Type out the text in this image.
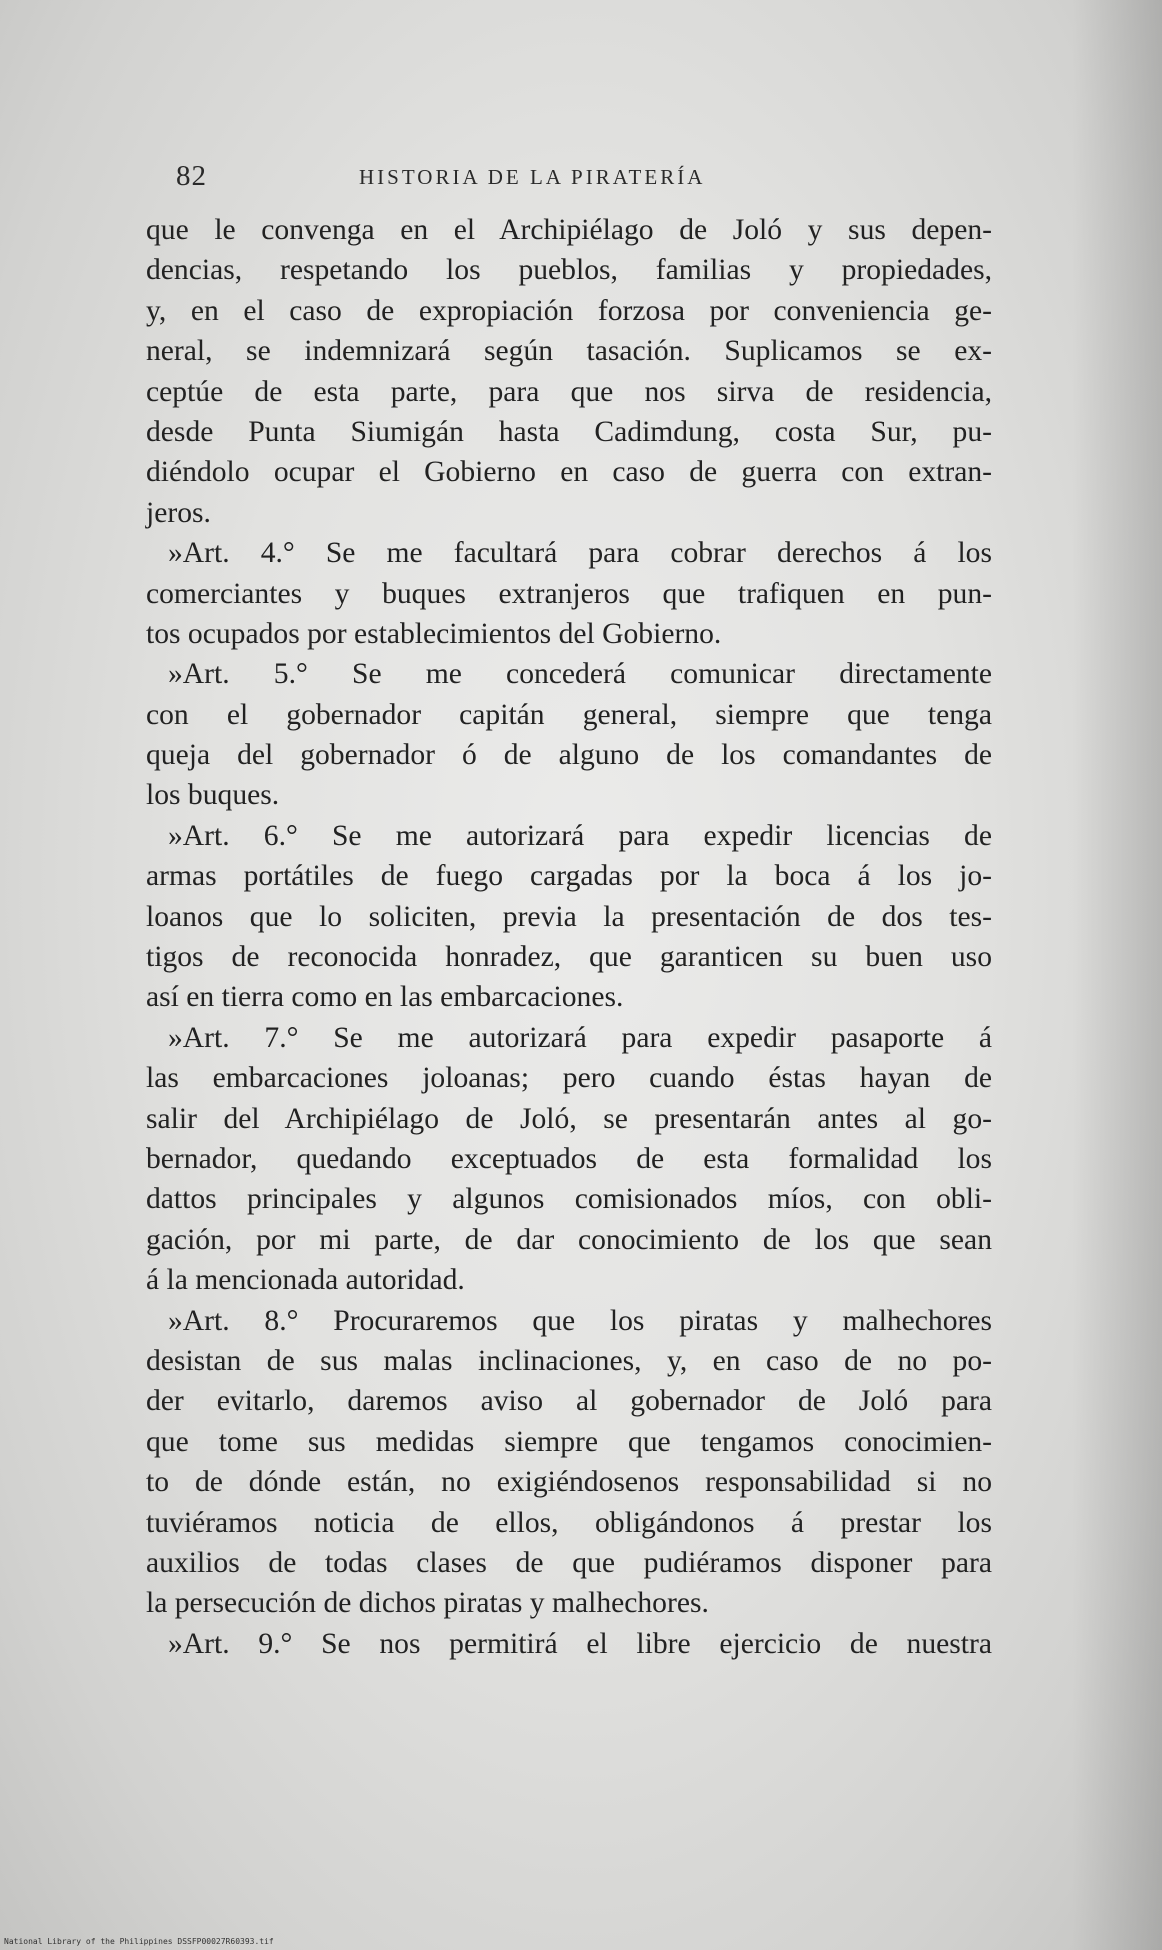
82	HISTORIA DE LA PIRATERÍA
que le convenga en el Archipiélago de Joló y sus depen-
dencias, respetando los pueblos, familias y propiedades,
y, en el caso de expropiación forzosa por conveniencia ge-
neral, se indemnizará según tasación. Suplicamos se ex-
ceptúe de esta parte, para que nos sirva de residencia,
desde Punta Siumigán hasta Cadimdung, costa Sur, pu-
diéndolo ocupar el Gobierno en caso de guerra con extran-
jeros.
»Art. 4.° Se me facultará para cobrar derechos á los
comerciantes y buques extranjeros que trafiquen en pun-
tos ocupados por establecimientos del Gobierno.
»Art. 5.° Se me concederá comunicar directamente
con el gobernador capitán general, siempre que tenga
queja del gobernador ó de alguno de los comandantes de
los buques.
»Art. 6.° Se me autorizará para expedir licencias de
armas portátiles de fuego cargadas por la boca á los jo-
loanos que lo soliciten, previa la presentación de dos tes-
tigos de reconocida honradez, que garanticen su buen uso
así en tierra como en las embarcaciones.
»Art. 7.° Se me autorizará para expedir pasaporte á
las embarcaciones joloanas; pero cuando éstas hayan de
salir del Archipiélago de Joló, se presentarán antes al go-
bernador, quedando exceptuados de esta formalidad los
dattos principales y algunos comisionados míos, con obli-
gación, por mi parte, de dar conocimiento de los que sean
á la mencionada autoridad.
»Art. 8.° Procuraremos que los piratas y malhechores
desistan de sus malas inclinaciones, y, en caso de no po-
der evitarlo, daremos aviso al gobernador de Joló para
que tome sus medidas siempre que tengamos conocimien-
to de dónde están, no exigiéndosenos responsabilidad si no
tuviéramos noticia de ellos, obligándonos á prestar los
auxilios de todas clases de que pudiéramos disponer para
la persecución de dichos piratas y malhechores.
»Art. 9.° Se nos permitirá el libre ejercicio de nuestra
National Library of the Philippines DSSFP00027R60393.tif
